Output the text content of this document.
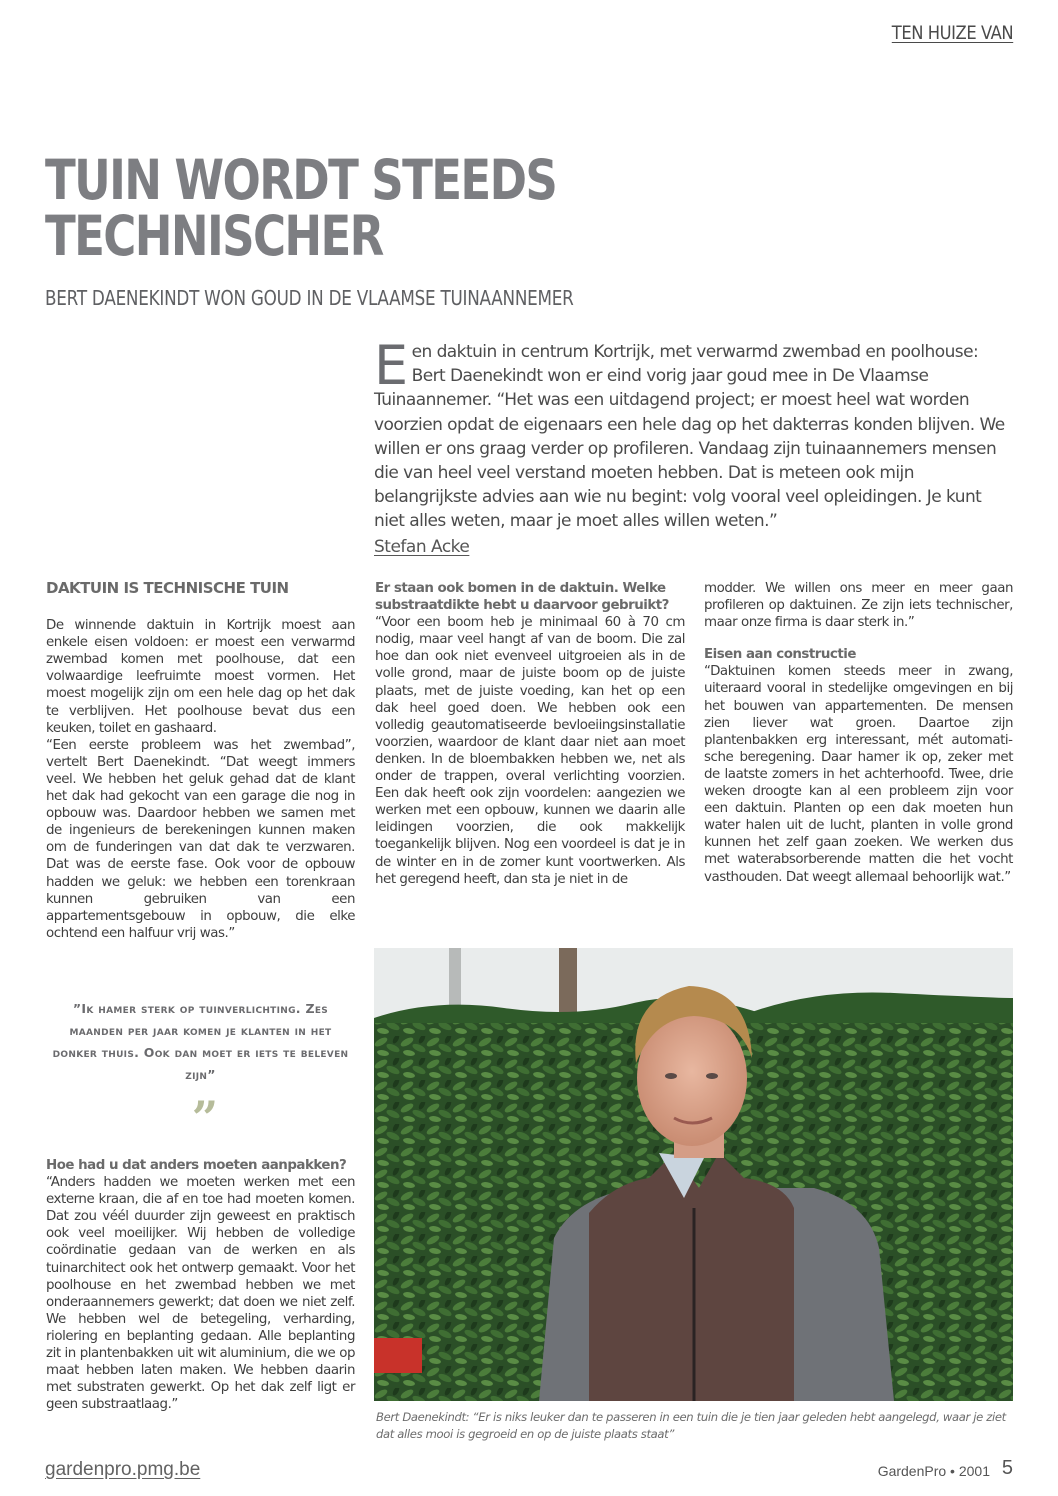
TEN HUIZE VAN
TUIN WORDT STEEDS
TECHNISCHER
BERT DAENEKINDT WON GOUD IN DE VLAAMSE TUINAANNEMER
Een daktuin in centrum Kortrijk, met verwarmd zwembad en poolhouse: Bert Daenekindt won er eind vorig jaar goud mee in De Vlaamse Tuinaannemer. “Het was een uitdagend project; er moest heel wat worden voorzien opdat de eigenaars een hele dag op het dakterras konden blijven. We willen er ons graag verder op profileren. Vandaag zijn tuinaannemers mensen die van heel veel verstand moeten hebben. Dat is meteen ook mijn belangrijkste advies aan wie nu begint: volg vooral veel opleidingen. Je kunt niet alles weten, maar je moet alles willen weten.”
Stefan Acke

DAKTUIN IS TECHNISCHE TUIN

De winnende daktuin in Kortrijk moest aan enkele eisen voldoen: er moest een verwarmd zwembad komen met poolhouse, dat een volwaardige leefruimte moest vormen. Het moest mogelijk zijn om een hele dag op het dak te verblijven. Het poolhouse bevat dus een keuken, toilet en gashaard.

“Een eerste probleem was het zwembad”, vertelt Bert Daenekindt. “Dat weegt immers veel. We hebben het geluk gehad dat de klant het dak had gekocht van een garage die nog in opbouw was. Daardoor hebben we samen met de ingenieurs de berekeningen kunnen maken om de funderingen van dat dak te verzwaren. Dat was de eerste fase. Ook voor de opbouw hadden we geluk: we hebben een torenkraan kunnen gebruiken van een appartementsgebouw in opbouw, die elke ochtend een halfuur vrij was.”

”Ik hamer sterk op tuinverlichting. Zes maanden per jaar komen je klanten in het donker thuis. Ook dan moet er iets te beleven zijn”
”

Hoe had u dat anders moeten aanpakken?

“Anders hadden we moeten werken met een externe kraan, die af en toe had moeten komen. Dat zou véél duurder zijn geweest en praktisch ook veel moeilijker. Wij hebben de volledige coördinatie gedaan van de werken en als tuinarchitect ook het ontwerp gemaakt. Voor het poolhouse en het zwembad hebben we met onderaannemers gewerkt; dat doen we niet zelf. We hebben wel de betegeling, verharding, riolering en beplanting gedaan. Alle beplanting zit in plantenbakken uit wit aluminium, die we op maat hebben laten maken. We hebben daarin met substraten gewerkt. Op het dak zelf ligt er geen substraatlaag.”

Er staan ook bomen in de daktuin. Welke substraatdikte hebt u daarvoor gebruikt?

“Voor een boom heb je minimaal 60 à 70 cm nodig, maar veel hangt af van de boom. Die zal hoe dan ook niet evenveel uitgroeien als in de volle grond, maar de juiste boom op de juiste plaats, met de juiste voeding, kan het op een dak heel goed doen. We hebben ook een volledig geautomatiseerde bevloeiingsinstallatie voorzien, waardoor de klant daar niet aan moet denken. In de bloembakken hebben we, net als onder de trappen, overal verlichting voorzien. Een dak heeft ook zijn voordelen: aangezien we werken met een opbouw, kunnen we daarin alle leidingen voorzien, die ook makkelijk toegankelijk blijven. Nog een voordeel is dat je in de winter en in de zomer kunt voortwerken. Als het geregend heeft, dan sta je niet in de

modder. We willen ons meer en meer gaan profileren op daktuinen. Ze zijn iets technischer, maar onze firma is daar sterk in.”

Eisen aan constructie

“Daktuinen komen steeds meer in zwang, uiteraard vooral in stedelijke omgevingen en bij het bouwen van appartementen. De mensen zien liever wat groen. Daartoe zijn plantenbakken erg interessant, mét automatische beregening. Daar hamer ik op, zeker met de laatste zomers in het achterhoofd. Twee, drie weken droogte kan al een probleem zijn voor een daktuin. Planten op een dak moeten hun water halen uit de lucht, planten in volle grond kunnen het zelf gaan zoeken. We werken dus met waterabsorberende matten die het vocht vasthouden. Dat weegt allemaal behoorlijk wat.”

Bert Daenekindt: “Er is niks leuker dan te passeren in een tuin die je tien jaar geleden hebt aangelegd, waar je ziet dat alles mooi is gegroeid en op de juiste plaats staat”
gardenpro.pmg.be	GardenPro • 2001 5
